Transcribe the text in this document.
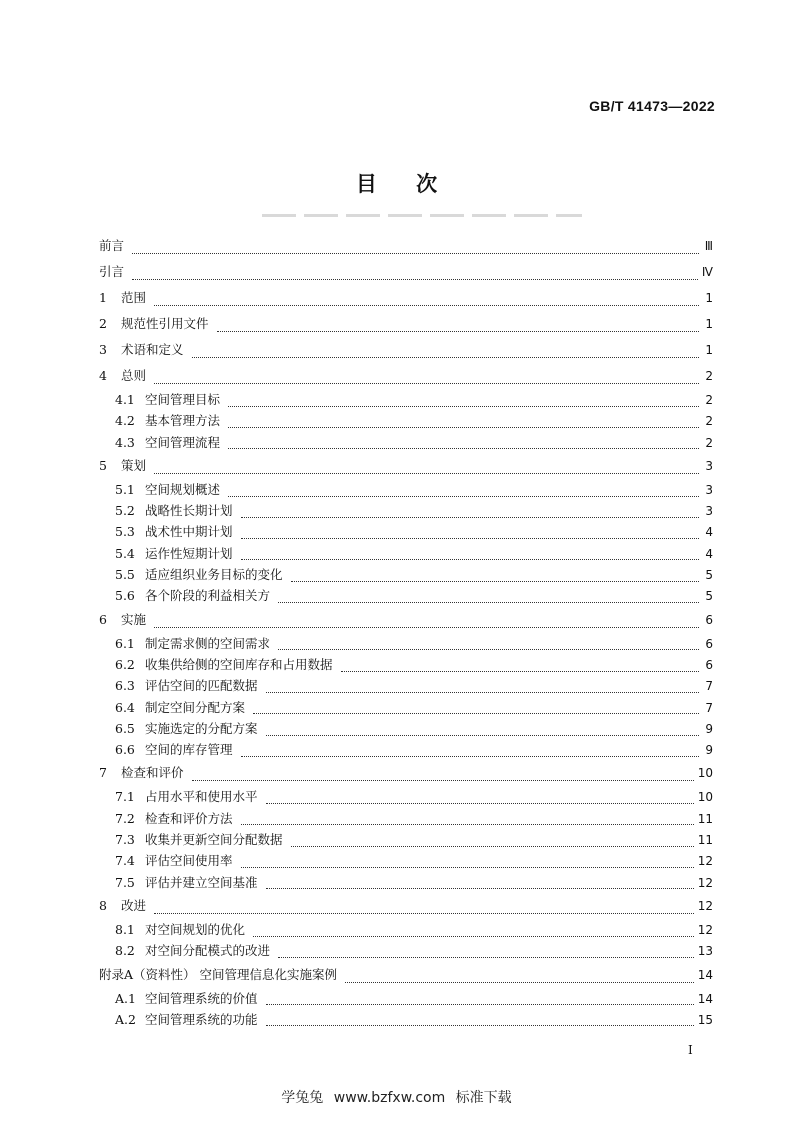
GB/T 41473—2022
目 次
前言	Ⅲ
引言	Ⅳ
1	范围	1
2	规范性引用文件	1
3	术语和定义	1
4	总则	2
4.1 空间管理目标	2
4.2 基本管理方法	2
4.3 空间管理流程	2
5	策划	3
5.1 空间规划概述	3
5.2 战略性长期计划	3
5.3 战术性中期计划	4
5.4 运作性短期计划	4
5.5 适应组织业务目标的变化	5
5.6 各个阶段的利益相关方	5
6	实施	6
6.1 制定需求侧的空间需求	6
6.2 收集供给侧的空间库存和占用数据	6
6.3 评估空间的匹配数据	7
6.4 制定空间分配方案	7
6.5 实施选定的分配方案	9
6.6 空间的库存管理	9
7	检查和评价	10
7.1 占用水平和使用水平	10
7.2 检查和评价方法	11
7.3 收集并更新空间分配数据	11
7.4 评估空间使用率	12
7.5 评估并建立空间基准	12
8	改进	12
8.1 对空间规划的优化	12
8.2 对空间分配模式的改进	13
附录A（资料性） 空间管理信息化实施案例	14
A.1 空间管理系统的价值	14
A.2 空间管理系统的功能	15
I
学兔兔 www.bzfxw.com 标准下载
